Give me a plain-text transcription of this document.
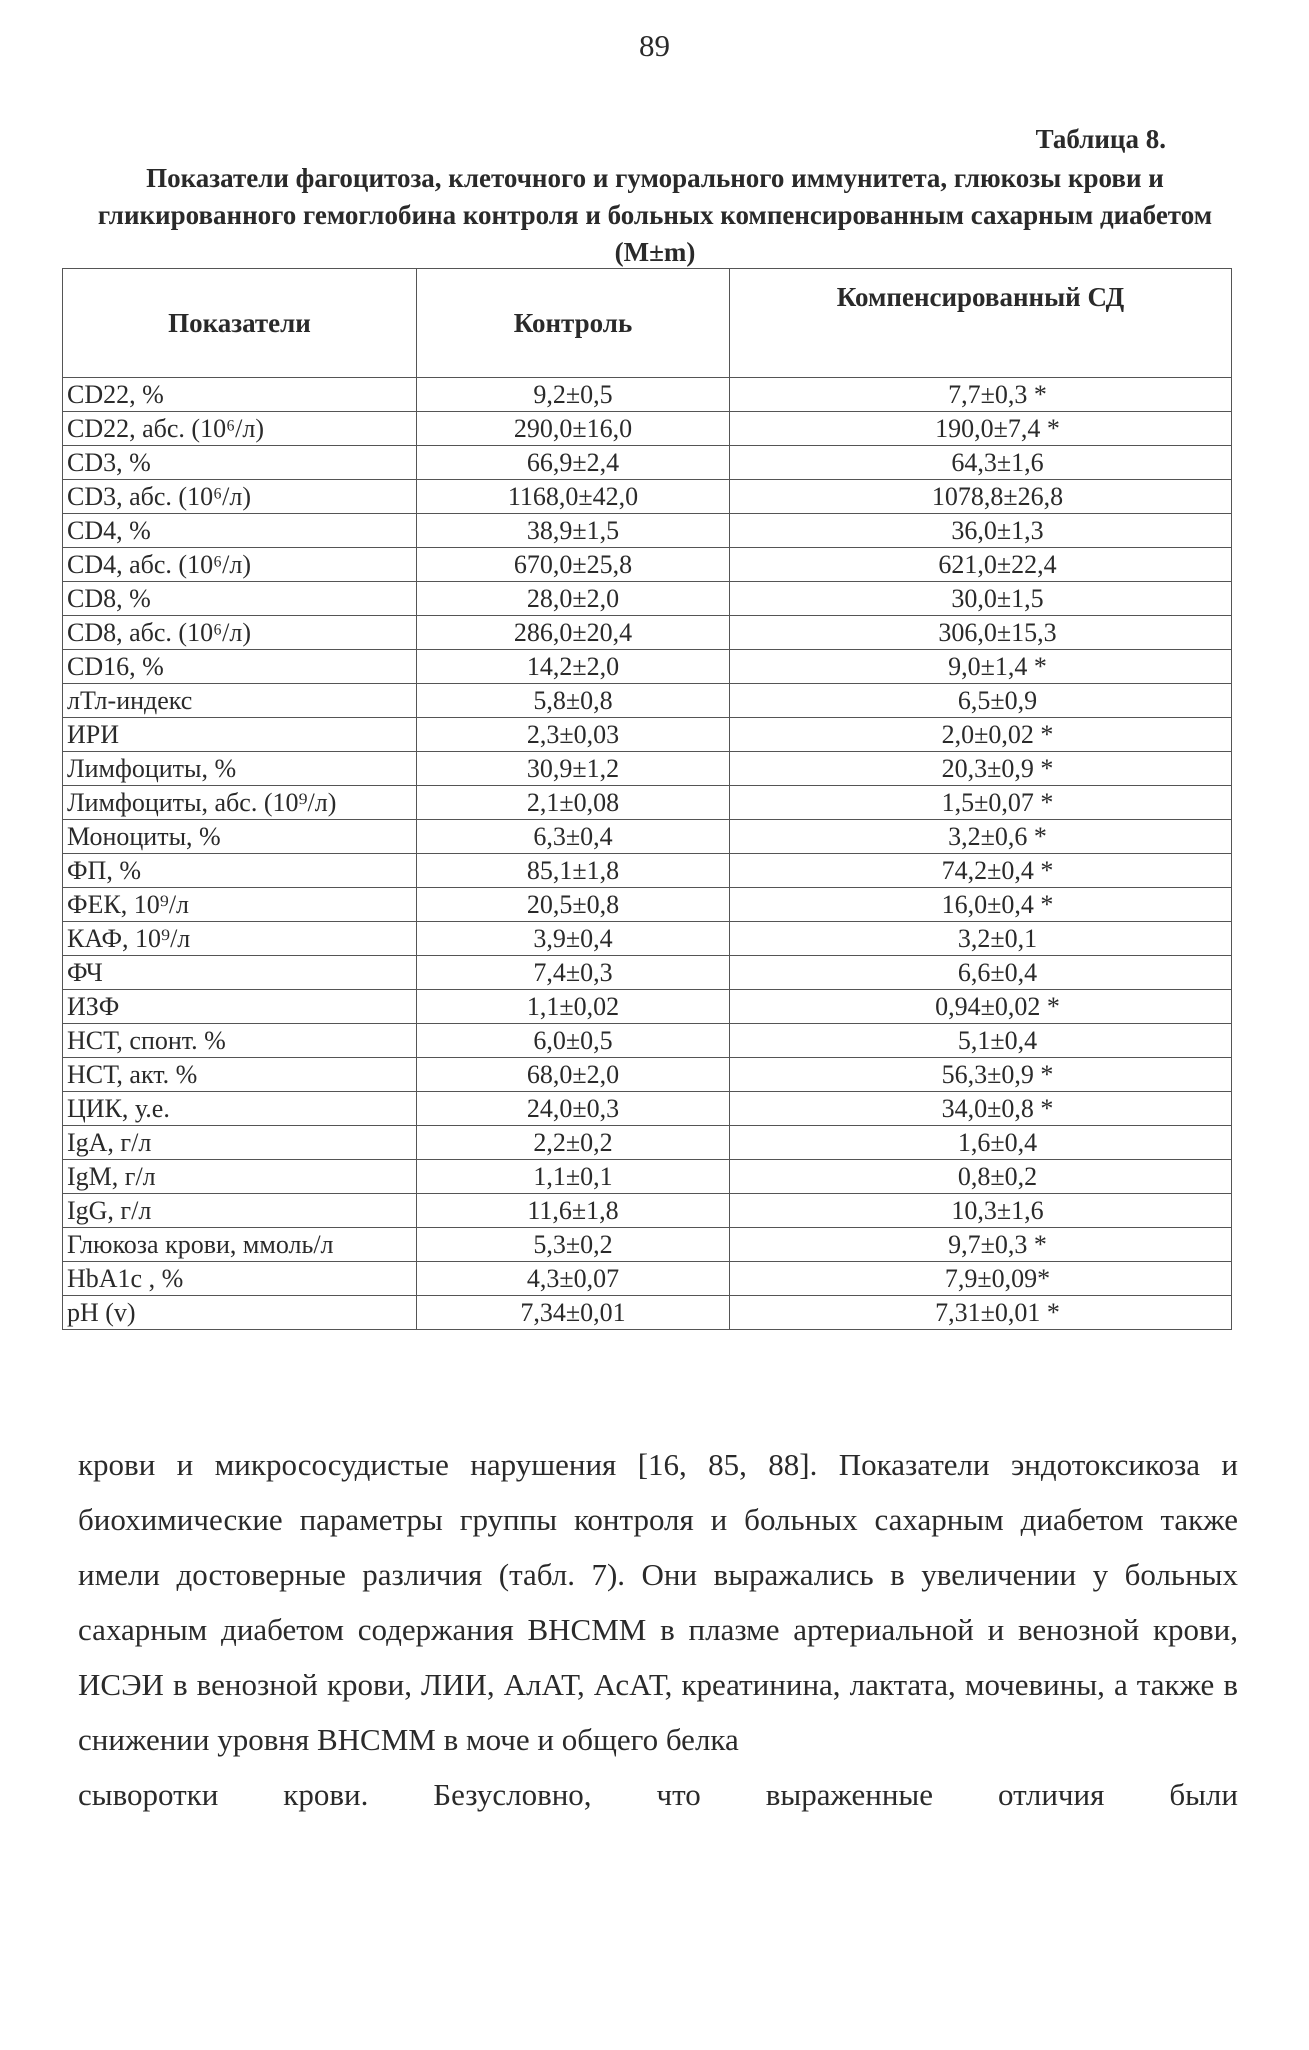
89
Таблица 8.
Показатели фагоцитоза, клеточного и гуморального иммунитета, глюкозы крови и гликированного гемоглобина контроля и больных компенсированным сахарным диабетом (M±m)
Показатели	Контроль	Компенсированный СД
CD22, %	9,2±0,5	7,7±0,3 *
CD22, абс. (10⁶/л)	290,0±16,0	190,0±7,4 *
CD3, %	66,9±2,4	64,3±1,6
CD3, абс. (10⁶/л)	1168,0±42,0	1078,8±26,8
CD4, %	38,9±1,5	36,0±1,3
CD4, абс. (10⁶/л)	670,0±25,8	621,0±22,4
CD8, %	28,0±2,0	30,0±1,5
CD8, абс. (10⁶/л)	286,0±20,4	306,0±15,3
CD16, %	14,2±2,0	9,0±1,4 *
лТл-индекс	5,8±0,8	6,5±0,9
ИРИ	2,3±0,03	2,0±0,02 *
Лимфоциты, %	30,9±1,2	20,3±0,9 *
Лимфоциты, абс. (10⁹/л)	2,1±0,08	1,5±0,07 *
Моноциты, %	6,3±0,4	3,2±0,6 *
ФП, %	85,1±1,8	74,2±0,4 *
ФЕК, 10⁹/л	20,5±0,8	16,0±0,4 *
КАФ, 10⁹/л	3,9±0,4	3,2±0,1
ФЧ	7,4±0,3	6,6±0,4
ИЗФ	1,1±0,02	0,94±0,02 *
НСТ, спонт. %	6,0±0,5	5,1±0,4
НСТ, акт. %	68,0±2,0	56,3±0,9 *
ЦИК, у.е.	24,0±0,3	34,0±0,8 *
IgA, г/л	2,2±0,2	1,6±0,4
IgM, г/л	1,1±0,1	0,8±0,2
IgG, г/л	11,6±1,8	10,3±1,6
Глюкоза крови, ммоль/л	5,3±0,2	9,7±0,3 *
HbA1c , %	4,3±0,07	7,9±0,09*
pH (v)	7,34±0,01	7,31±0,01 *

крови и микрососудистые нарушения [16, 85, 88]. Показатели эндотоксикоза и биохимические параметры группы контроля и больных сахарным диабетом также имели достоверные различия (табл. 7). Они выражались в увеличении у больных сахарным диабетом содержания ВНСММ в плазме артериальной и венозной крови, ИСЭИ в венозной крови, ЛИИ, АлАТ, АсАТ, креатинина, лактата, мочевины, а также в снижении уровня ВНСММ в моче и общего белка

сыворотки крови. Безусловно, что выраженные отличия были
